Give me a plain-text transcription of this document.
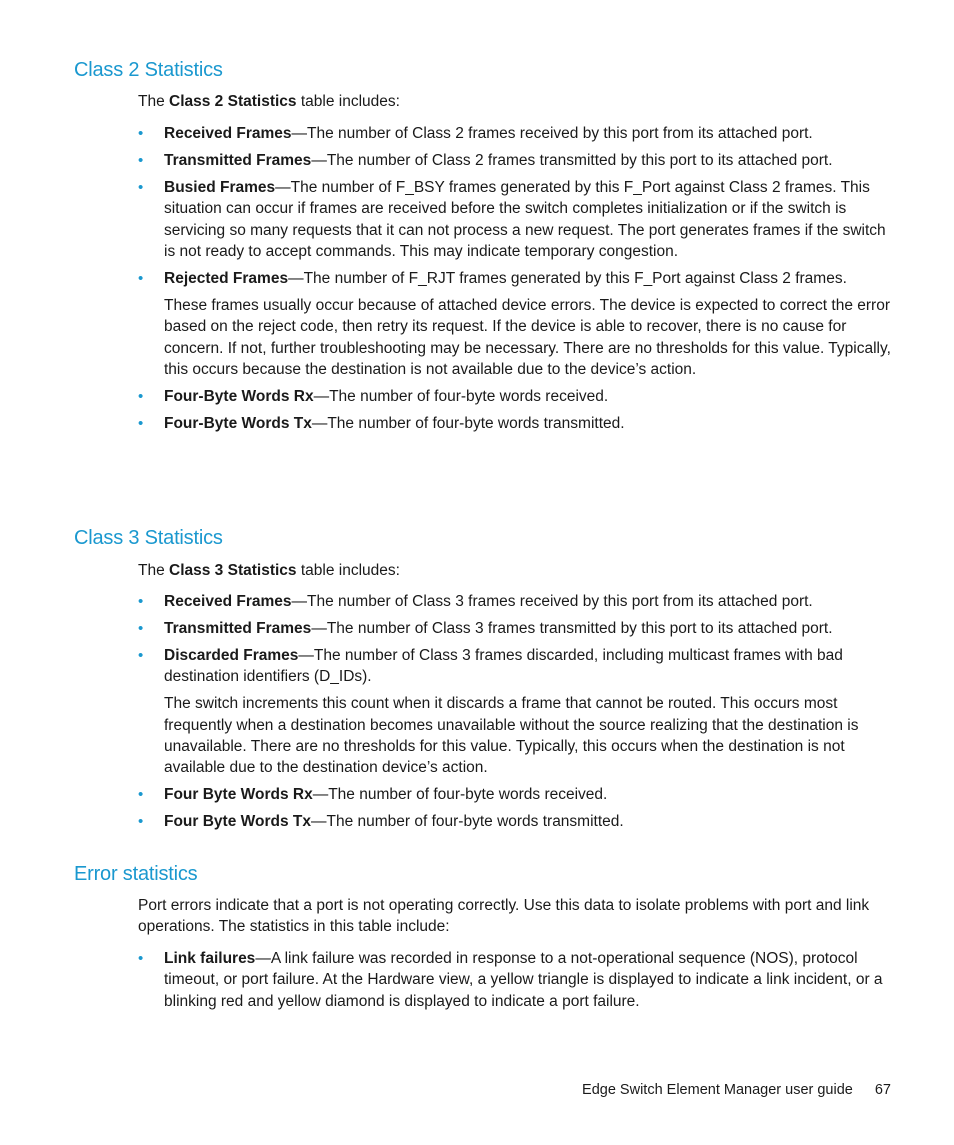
Class 2 Statistics

The Class 2 Statistics table includes:

• Received Frames—The number of Class 2 frames received by this port from its attached port.
• Transmitted Frames—The number of Class 2 frames transmitted by this port to its attached port.
• Busied Frames—The number of F_BSY frames generated by this F_Port against Class 2 frames. This situation can occur if frames are received before the switch completes initialization or if the switch is servicing so many requests that it can not process a new request. The port generates frames if the switch is not ready to accept commands. This may indicate temporary congestion.
• Rejected Frames—The number of F_RJT frames generated by this F_Port against Class 2 frames.

These frames usually occur because of attached device errors. The device is expected to correct the error based on the reject code, then retry its request. If the device is able to recover, there is no cause for concern. If not, further troubleshooting may be necessary. There are no thresholds for this value. Typically, this occurs because the destination is not available due to the device’s action.

• Four-Byte Words Rx—The number of four-byte words received.
• Four-Byte Words Tx—The number of four-byte words transmitted.
Class 3 Statistics

The Class 3 Statistics table includes:

• Received Frames—The number of Class 3 frames received by this port from its attached port.
• Transmitted Frames—The number of Class 3 frames transmitted by this port to its attached port.
• Discarded Frames—The number of Class 3 frames discarded, including multicast frames with bad destination identifiers (D_IDs).

The switch increments this count when it discards a frame that cannot be routed. This occurs most frequently when a destination becomes unavailable without the source realizing that the destination is unavailable. There are no thresholds for this value. Typically, this occurs when the destination is not available due to the destination device’s action.

• Four Byte Words Rx—The number of four-byte words received.
• Four Byte Words Tx—The number of four-byte words transmitted.
Error statistics

Port errors indicate that a port is not operating correctly. Use this data to isolate problems with port and link operations. The statistics in this table include:

• Link failures—A link failure was recorded in response to a not-operational sequence (NOS), protocol timeout, or port failure. At the Hardware view, a yellow triangle is displayed to indicate a link incident, or a blinking red and yellow diamond is displayed to indicate a port failure.
Edge Switch Element Manager user guide 67
